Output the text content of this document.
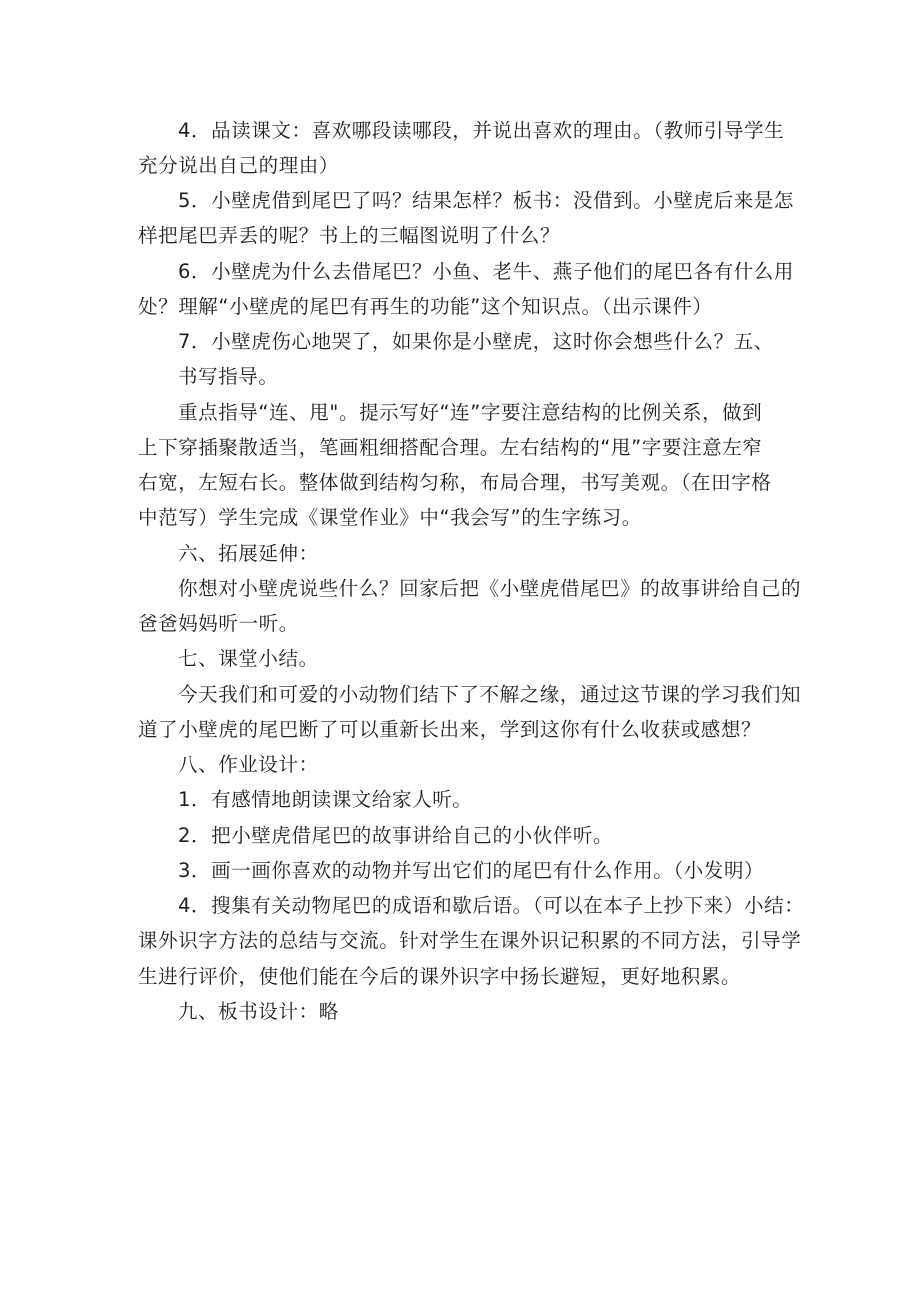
4．品读课文：喜欢哪段读哪段，并说出喜欢的理由。（教师引导学生
充分说出自己的理由）
5．小壁虎借到尾巴了吗？结果怎样？板书：没借到。小壁虎后来是怎
样把尾巴弄丢的呢？书上的三幅图说明了什么？
6．小壁虎为什么去借尾巴？小鱼、老牛、燕子他们的尾巴各有什么用
处？理解“小壁虎的尾巴有再生的功能”这个知识点。（出示课件）
7．小壁虎伤心地哭了，如果你是小壁虎，这时你会想些什么？五、
书写指导。
重点指导“连、甩"。提示写好“连”字要注意结构的比例关系，做到
上下穿插聚散适当，笔画粗细搭配合理。左右结构的“甩”字要注意左窄
右宽，左短右长。整体做到结构匀称，布局合理，书写美观。（在田字格
中范写）学生完成《课堂作业》中“我会写”的生字练习。
六、拓展延伸：
你想对小壁虎说些什么？回家后把《小壁虎借尾巴》的故事讲给自己的
爸爸妈妈听一听。
七、课堂小结。
今天我们和可爱的小动物们结下了不解之缘，通过这节课的学习我们知
道了小壁虎的尾巴断了可以重新长出来，学到这你有什么收获或感想？
八、作业设计：
1．有感情地朗读课文给家人听。
2．把小壁虎借尾巴的故事讲给自己的小伙伴听。
3．画一画你喜欢的动物并写出它们的尾巴有什么作用。（小发明）
4．搜集有关动物尾巴的成语和歇后语。（可以在本子上抄下来）小结：
课外识字方法的总结与交流。针对学生在课外识记积累的不同方法，引导学
生进行评价，使他们能在今后的课外识字中扬长避短，更好地积累。
九、板书设计：略
